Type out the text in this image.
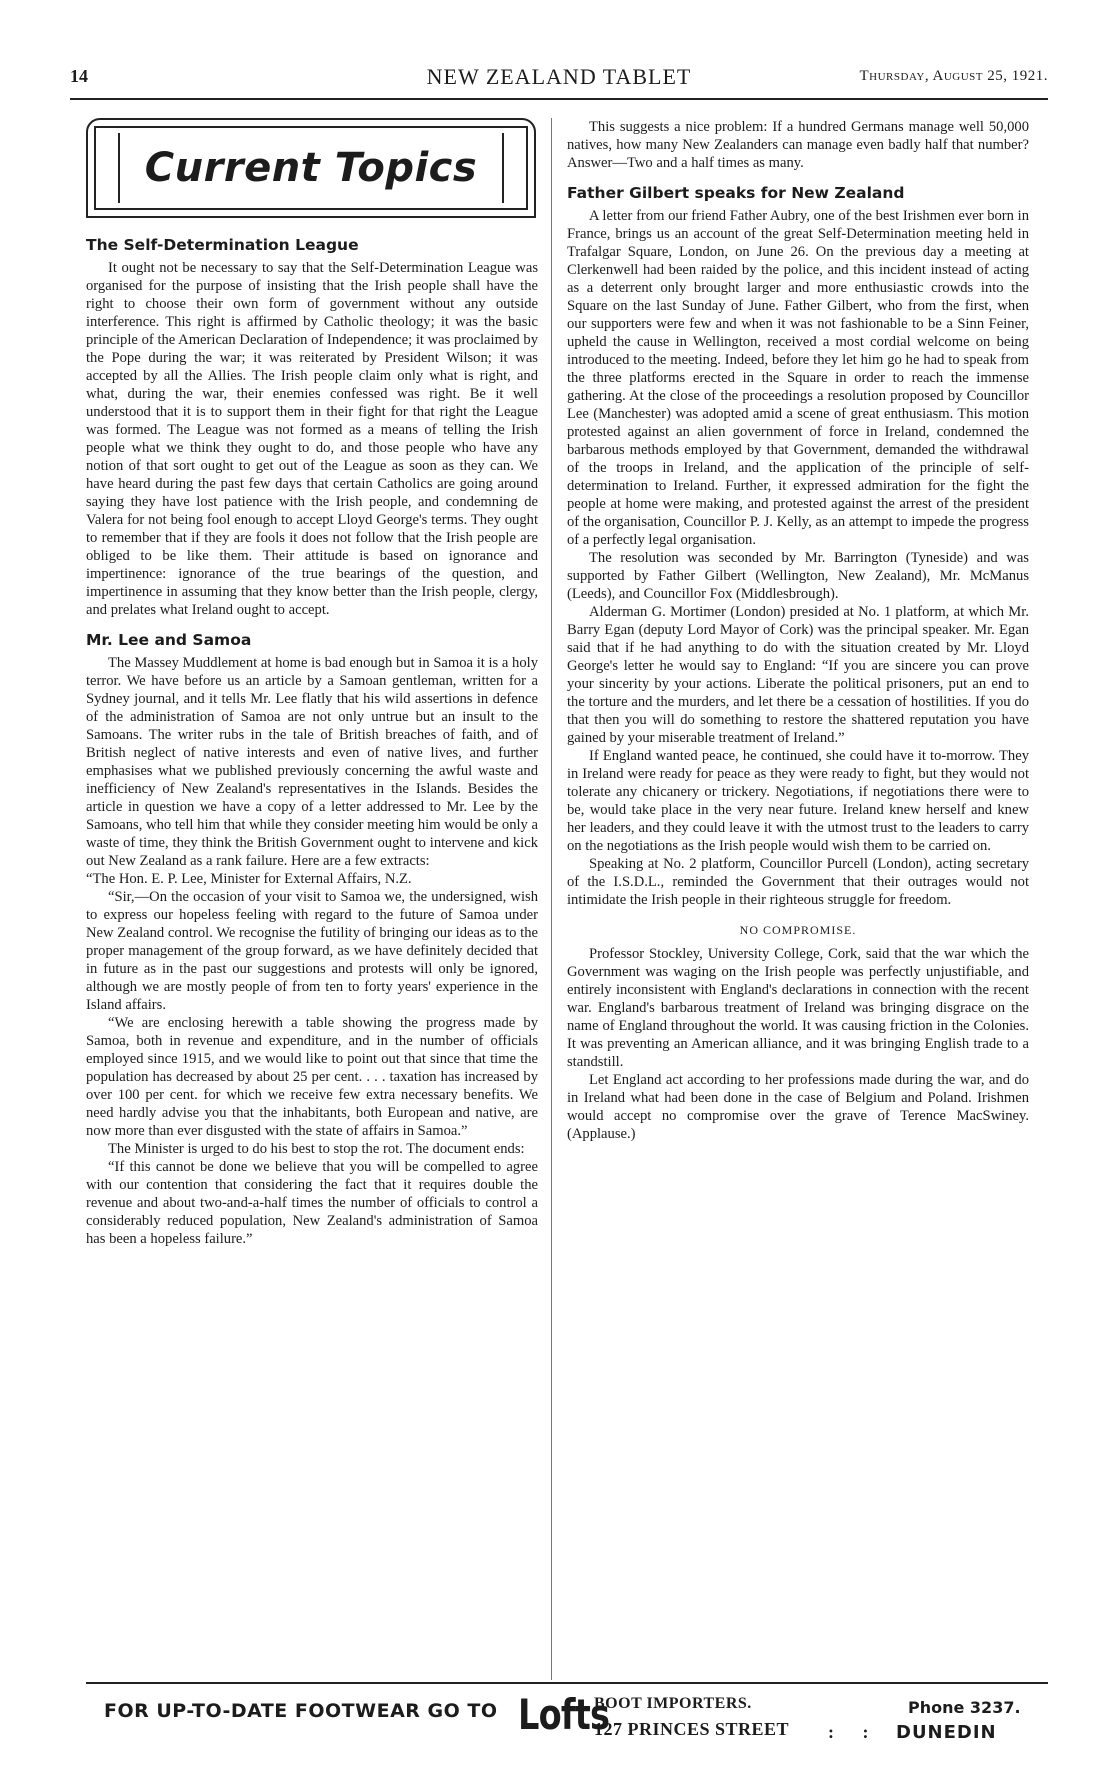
14	NEW ZEALAND TABLET	Thursday, August 25, 1921.
Current Topics
The Self-Determination League

It ought not be necessary to say that the Self-Determination League was organised for the purpose of insisting that the Irish people shall have the right to choose their own form of government without any outside interference. This right is affirmed by Catholic theology; it was the basic principle of the American Declaration of Independence; it was proclaimed by the Pope during the war; it was reiterated by President Wilson; it was accepted by all the Allies. The Irish people claim only what is right, and what, during the war, their enemies confessed was right. Be it well understood that it is to support them in their fight for that right the League was formed. The League was not formed as a means of telling the Irish people what we think they ought to do, and those people who have any notion of that sort ought to get out of the League as soon as they can. We have heard during the past few days that certain Catholics are going around saying they have lost patience with the Irish people, and condemning de Valera for not being fool enough to accept Lloyd George's terms. They ought to remember that if they are fools it does not follow that the Irish people are obliged to be like them. Their attitude is based on ignorance and impertinence: ignorance of the true bearings of the question, and impertinence in assuming that they know better than the Irish people, clergy, and prelates what Ireland ought to accept.

Mr. Lee and Samoa

The Massey Muddlement at home is bad enough but in Samoa it is a holy terror. We have before us an article by a Samoan gentleman, written for a Sydney journal, and it tells Mr. Lee flatly that his wild assertions in defence of the administration of Samoa are not only untrue but an insult to the Samoans. The writer rubs in the tale of British breaches of faith, and of British neglect of native interests and even of native lives, and further emphasises what we published previously concerning the awful waste and inefficiency of New Zealand's representatives in the Islands. Besides the article in question we have a copy of a letter addressed to Mr. Lee by the Samoans, who tell him that while they consider meeting him would be only a waste of time, they think the British Government ought to intervene and kick out New Zealand as a rank failure. Here are a few extracts:

“The Hon. E. P. Lee, Minister for External Affairs, N.Z.

“Sir,—On the occasion of your visit to Samoa we, the undersigned, wish to express our hopeless feeling with regard to the future of Samoa under New Zealand control. We recognise the futility of bringing our ideas as to the proper management of the group forward, as we have definitely decided that in future as in the past our suggestions and protests will only be ignored, although we are mostly people of from ten to forty years' experience in the Island affairs.

“We are enclosing herewith a table showing the progress made by Samoa, both in revenue and expenditure, and in the number of officials employed since 1915, and we would like to point out that since that time the population has decreased by about 25 per cent. . . . taxation has increased by over 100 per cent. for which we receive few extra necessary benefits. We need hardly advise you that the inhabitants, both European and native, are now more than ever disgusted with the state of affairs in Samoa.”

The Minister is urged to do his best to stop the rot. The document ends:

“If this cannot be done we believe that you will be compelled to agree with our contention that considering the fact that it requires double the revenue and about two-and-a-half times the number of officials to control a considerably reduced population, New Zealand's administration of Samoa has been a hopeless failure.”

This suggests a nice problem: If a hundred Germans manage well 50,000 natives, how many New Zealanders can manage even badly half that number? Answer—Two and a half times as many.

Father Gilbert speaks for New Zealand

A letter from our friend Father Aubry, one of the best Irishmen ever born in France, brings us an account of the great Self-Determination meeting held in Trafalgar Square, London, on June 26. On the previous day a meeting at Clerkenwell had been raided by the police, and this incident instead of acting as a deterrent only brought larger and more enthusiastic crowds into the Square on the last Sunday of June. Father Gilbert, who from the first, when our supporters were few and when it was not fashionable to be a Sinn Feiner, upheld the cause in Wellington, received a most cordial welcome on being introduced to the meeting. Indeed, before they let him go he had to speak from the three platforms erected in the Square in order to reach the immense gathering. At the close of the proceedings a resolution proposed by Councillor Lee (Manchester) was adopted amid a scene of great enthusiasm. This motion protested against an alien government of force in Ireland, condemned the barbarous methods employed by that Government, demanded the withdrawal of the troops in Ireland, and the application of the principle of self-determination to Ireland. Further, it expressed admiration for the fight the people at home were making, and protested against the arrest of the president of the organisation, Councillor P. J. Kelly, as an attempt to impede the progress of a perfectly legal organisation.

The resolution was seconded by Mr. Barrington (Tyneside) and was supported by Father Gilbert (Wellington, New Zealand), Mr. McManus (Leeds), and Councillor Fox (Middlesbrough).

Alderman G. Mortimer (London) presided at No. 1 platform, at which Mr. Barry Egan (deputy Lord Mayor of Cork) was the principal speaker. Mr. Egan said that if he had anything to do with the situation created by Mr. Lloyd George's letter he would say to England: “If you are sincere you can prove your sincerity by your actions. Liberate the political prisoners, put an end to the torture and the murders, and let there be a cessation of hostilities. If you do that then you will do something to restore the shattered reputation you have gained by your miserable treatment of Ireland.”

If England wanted peace, he continued, she could have it to-morrow. They in Ireland were ready for peace as they were ready to fight, but they would not tolerate any chicanery or trickery. Negotiations, if negotiations there were to be, would take place in the very near future. Ireland knew herself and knew her leaders, and they could leave it with the utmost trust to the leaders to carry on the negotiations as the Irish people would wish them to be carried on.

Speaking at No. 2 platform, Councillor Purcell (London), acting secretary of the I.S.D.L., reminded the Government that their outrages would not intimidate the Irish people in their righteous struggle for freedom.

NO COMPROMISE.

Professor Stockley, University College, Cork, said that the war which the Government was waging on the Irish people was perfectly unjustifiable, and entirely inconsistent with England's declarations in connection with the recent war. England's barbarous treatment of Ireland was bringing disgrace on the name of England throughout the world. It was causing friction in the Colonies. It was preventing an American alliance, and it was bringing English trade to a standstill.

Let England act according to her professions made during the war, and do in Ireland what had been done in the case of Belgium and Poland. Irishmen would accept no compromise over the grave of Terence MacSwiney. (Applause.)

FOR UP-TO-DATE FOOTWEAR GO TO Lofts
BOOT IMPORTERS.
127 PRINCES STREET : :
Phone 3237.
DUNEDIN
